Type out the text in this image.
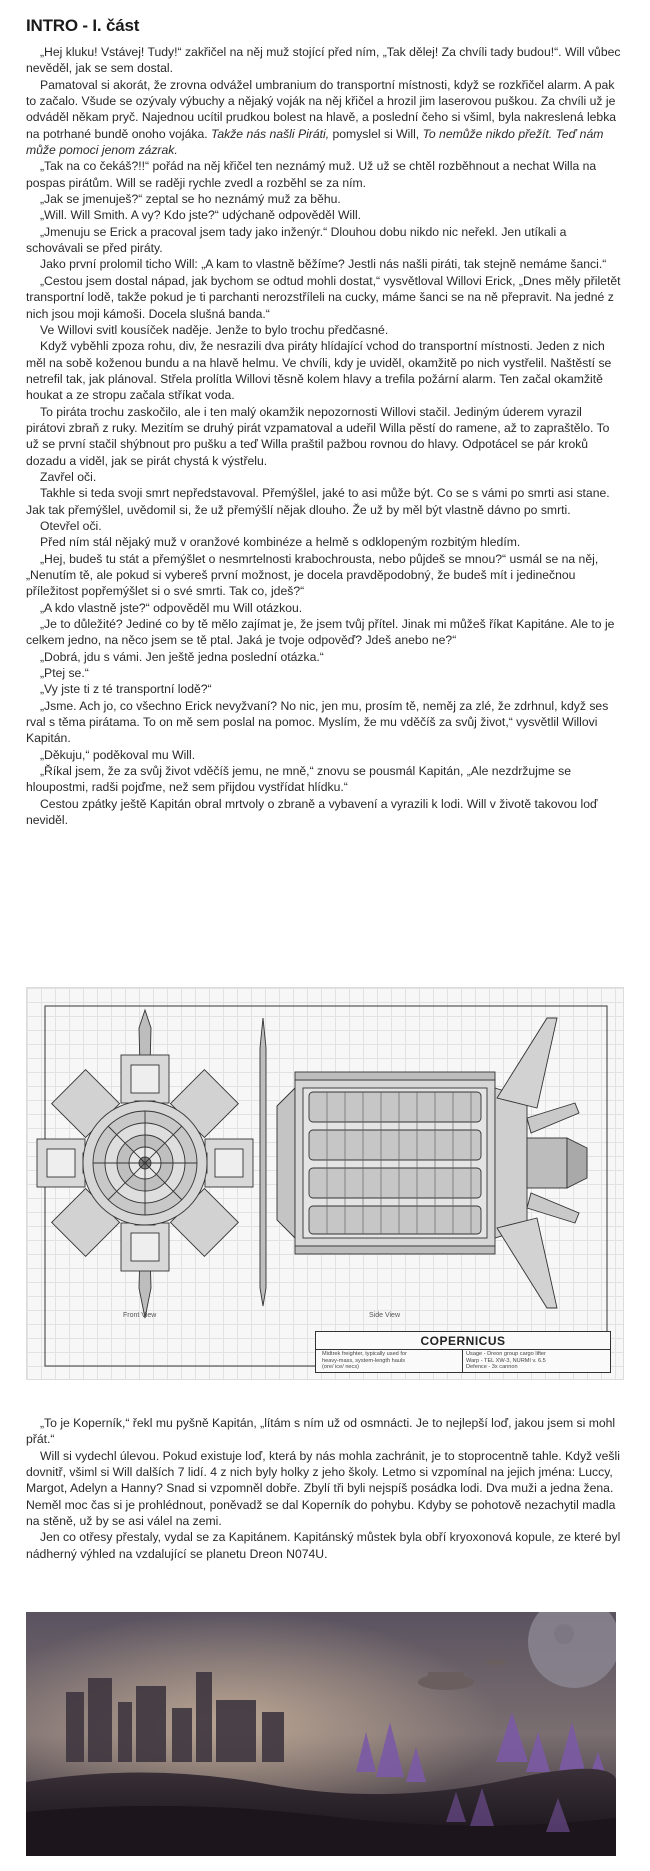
INTRO - I. část

„Hej kluku! Vstávej! Tudy!“ zakřičel na něj muž stojící před ním, „Tak dělej! Za chvíli tady budou!“. Will vůbec nevěděl, jak se sem dostal.

Pamatoval si akorát, že zrovna odvážel umbranium do transportní místnosti, když se rozkřičel alarm. A pak to začalo. Všude se ozývaly výbuchy a nějaký voják na něj křičel a hrozil jim laserovou puškou. Za chvíli už je odváděl někam pryč. Najednou ucítil prudkou bolest na hlavě, a poslední čeho si všiml, byla nakreslená lebka na potrhané bundě onoho vojáka. Takže nás našli Piráti, pomyslel si Will, To nemůže nikdo přežít. Teď nám může pomoci jenom zázrak.

„Tak na co čekáš?!!“ pořád na něj křičel ten neznámý muž. Už už se chtěl rozběhnout a nechat Willa na pospas pirátům. Will se raději rychle zvedl a rozběhl se za ním.

„Jak se jmenuješ?“ zeptal se ho neznámý muž za běhu.

„Will. Will Smith. A vy? Kdo jste?“ udýchaně odpověděl Will.

„Jmenuju se Erick a pracoval jsem tady jako inženýr.“ Dlouhou dobu nikdo nic neřekl. Jen utíkali a schovávali se před piráty.

Jako první prolomil ticho Will: „A kam to vlastně běžíme? Jestli nás našli piráti, tak stejně nemáme šanci.“

„Cestou jsem dostal nápad, jak bychom se odtud mohli dostat,“ vysvětloval Willovi Erick, „Dnes měly přiletět transportní lodě, takže pokud je ti parchanti nerozstříleli na cucky, máme šanci se na ně přepravit. Na jedné z nich jsou moji kámoši. Docela slušná banda.“

Ve Willovi svitl kousíček naděje. Jenže to bylo trochu předčasné.

Když vyběhli zpoza rohu, div, že nesrazili dva piráty hlídající vchod do transportní místnosti. Jeden z nich měl na sobě koženou bundu a na hlavě helmu. Ve chvíli, kdy je uviděl, okamžitě po nich vystřelil. Naštěstí se netrefil tak, jak plánoval. Střela prolítla Willovi těsně kolem hlavy a trefila požární alarm. Ten začal okamžitě houkat a ze stropu začala stříkat voda.

To piráta trochu zaskočilo, ale i ten malý okamžik nepozornosti Willovi stačil. Jediným úderem vyrazil pirátovi zbraň z ruky. Mezitím se druhý pirát vzpamatoval a udeřil Willa pěstí do ramene, až to zapraštělo. To už se první stačil shýbnout pro pušku a teď Willa praštil pažbou rovnou do hlavy. Odpotácel se pár kroků dozadu a viděl, jak se pirát chystá k výstřelu.

Zavřel oči.

Takhle si teda svoji smrt nepředstavoval. Přemýšlel, jaké to asi může být. Co se s vámi po smrti asi stane. Jak tak přemýšlel, uvědomil si, že už přemýšlí nějak dlouho. Že už by měl být vlastně dávno po smrti.

Otevřel oči.

Před ním stál nějaký muž v oranžové kombinéze a helmě s odklopeným rozbitým hledím.

„Hej, budeš tu stát a přemýšlet o nesmrtelnosti krabochrousta, nebo půjdeš se mnou?“ usmál se na něj, „Nenutím tě, ale pokud si vybereš první možnost, je docela pravděpodobný, že budeš mít i jedinečnou příležitost popřemýšlet si o své smrti. Tak co, jdeš?“

„A kdo vlastně jste?“ odpověděl mu Will otázkou.

„Je to důležité? Jediné co by tě mělo zajímat je, že jsem tvůj přítel. Jinak mi můžeš říkat Kapitáne. Ale to je celkem jedno, na něco jsem se tě ptal. Jaká je tvoje odpověď? Jdeš anebo ne?“

„Dobrá, jdu s vámi. Jen ještě jedna poslední otázka.“

„Ptej se.“

„Vy jste ti z té transportní lodě?“

„Jsme. Ach jo, co všechno Erick nevyžvaní? No nic, jen mu, prosím tě, neměj za zlé, že zdrhnul, když ses rval s těma pirátama. To on mě sem poslal na pomoc. Myslím, že mu vděčíš za svůj život,“ vysvětlil Willovi Kapitán.

„Děkuju,“ poděkoval mu Will.

„Říkal jsem, že za svůj život vděčíš jemu, ne mně,“ znovu se pousmál Kapitán, „Ale nezdržujme se hloupostmi, radši pojďme, než sem přijdou vystřídat hlídku.“

Cestou zpátky ještě Kapitán obral mrtvoly o zbraně a vybavení a vyrazili k lodi. Will v životě takovou loď neviděl.

Front View	Side View
COPERNICUS
Midtrek freighter, typically used for
heavy-mass, system-length hauls
(ore/ ice/ necs)
Usage - Dreon group cargo lifter
Warp - TEL XW-3, NURMI v. 6.5
Defence - 3x cannon

„To je Koperník,“ řekl mu pyšně Kapitán, „lítám s ním už od osmnácti. Je to nejlepší loď, jakou jsem si mohl přát.“

Will si vydechl úlevou. Pokud existuje loď, která by nás mohla zachránit, je to stoprocentně tahle. Když vešli dovnitř, všiml si Will dalších 7 lidí. 4 z nich byly holky z jeho školy. Letmo si vzpomínal na jejich jména: Luccy, Margot, Adelyn a Hanny? Snad si vzpomněl dobře. Zbylí tři byli nejspíš posádka lodi. Dva muži a jedna žena. Neměl moc čas si je prohlédnout, poněvadž se dal Koperník do pohybu. Kdyby se pohotově nezachytil madla na stěně, už by se asi válel na zemi.

Jen co otřesy přestaly, vydal se za Kapitánem. Kapitánský můstek byla obří kryoxonová kopule, ze které byl nádherný výhled na vzdalující se planetu Dreon N074U.
